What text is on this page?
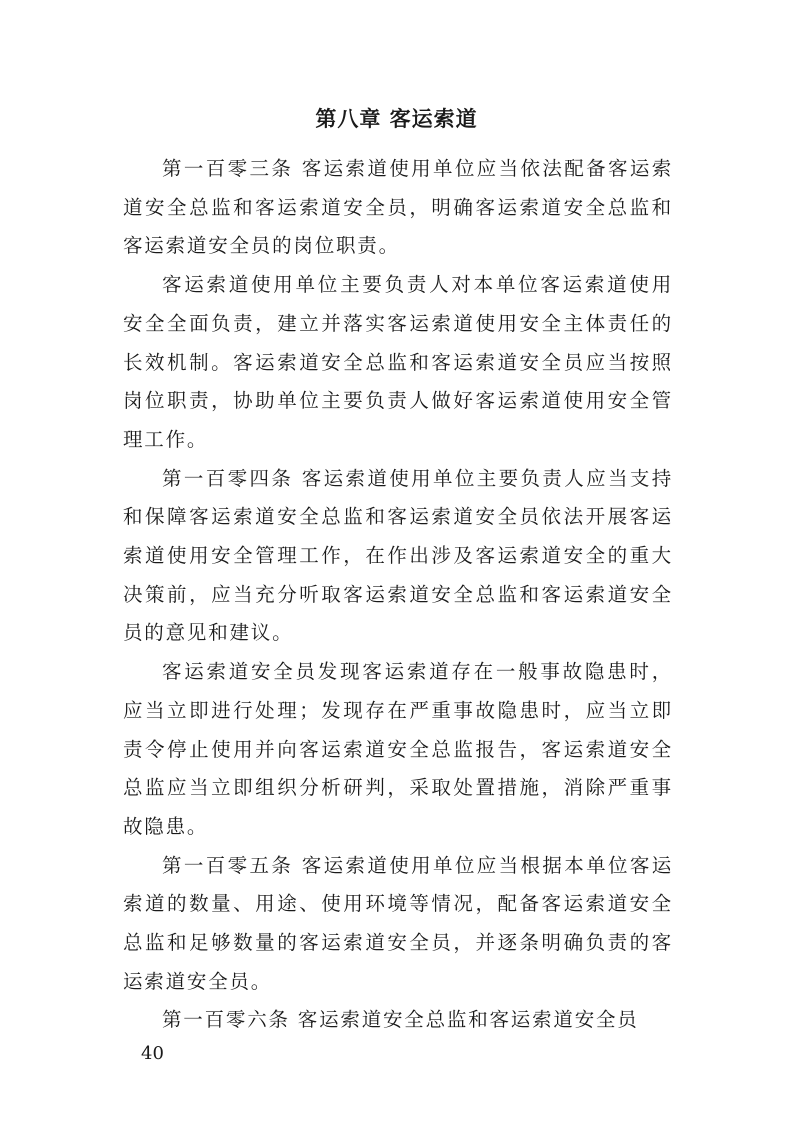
第八章 客运索道

第一百零三条 客运索道使用单位应当依法配备客运索道安全总监和客运索道安全员，明确客运索道安全总监和客运索道安全员的岗位职责。

客运索道使用单位主要负责人对本单位客运索道使用安全全面负责，建立并落实客运索道使用安全主体责任的长效机制。客运索道安全总监和客运索道安全员应当按照岗位职责，协助单位主要负责人做好客运索道使用安全管理工作。

第一百零四条 客运索道使用单位主要负责人应当支持和保障客运索道安全总监和客运索道安全员依法开展客运索道使用安全管理工作，在作出涉及客运索道安全的重大决策前，应当充分听取客运索道安全总监和客运索道安全员的意见和建议。

客运索道安全员发现客运索道存在一般事故隐患时，应当立即进行处理；发现存在严重事故隐患时，应当立即责令停止使用并向客运索道安全总监报告，客运索道安全总监应当立即组织分析研判，采取处置措施，消除严重事故隐患。

第一百零五条 客运索道使用单位应当根据本单位客运索道的数量、用途、使用环境等情况，配备客运索道安全总监和足够数量的客运索道安全员，并逐条明确负责的客运索道安全员。

第一百零六条 客运索道安全总监和客运索道安全员

40
